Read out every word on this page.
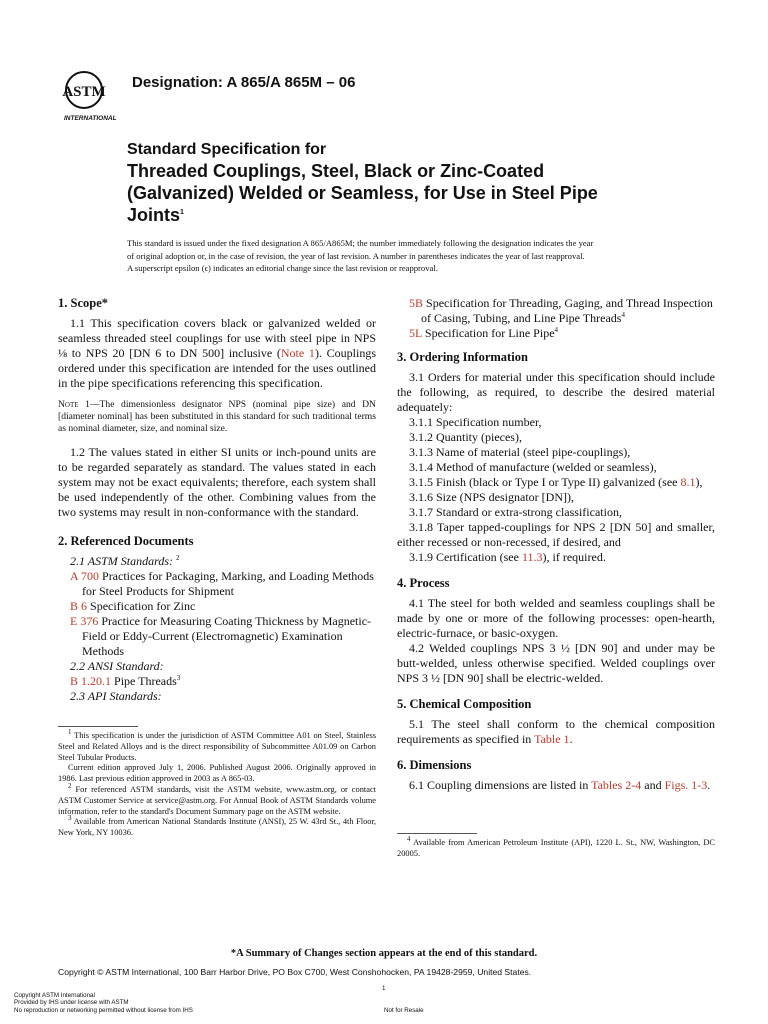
ASTM
INTERNATIONAL
Designation: A 865/A 865M – 06
Standard Specification for
Threaded Couplings, Steel, Black or Zinc-Coated
(Galvanized) Welded or Seamless, for Use in Steel Pipe
Joints$^1$
This standard is issued under the fixed designation A 865/A865M; the number immediately following the designation indicates the year
of original adoption or, in the case of revision, the year of last revision. A number in parentheses indicates the year of last reapproval.
A superscript epsilon (ϵ) indicates an editorial change since the last revision or reapproval.
1. Scope*

1.1 This specification covers black or galvanized welded or seamless threaded steel couplings for use with steel pipe in NPS ⅛ to NPS 20 [DN 6 to DN 500] inclusive (Note 1). Couplings ordered under this specification are intended for the uses outlined in the pipe specifications referencing this specification.

Note 1—The dimensionless designator NPS (nominal pipe size) and DN [diameter nominal] has been substituted in this standard for such traditional terms as nominal diameter, size, and nominal size.

1.2 The values stated in either SI units or inch-pound units are to be regarded separately as standard. The values stated in each system may not be exact equivalents; therefore, each system shall be used independently of the other. Combining values from the two systems may result in non-conformance with the standard.

2. Referenced Documents

2.1 ASTM Standards: $^2$

A 700 Practices for Packaging, Marking, and Loading Methods for Steel Products for Shipment

B 6 Specification for Zinc

E 376 Practice for Measuring Coating Thickness by Magnetic-Field or Eddy-Current (Electromagnetic) Examination Methods

2.2 ANSI Standard:

B 1.20.1 Pipe Threads$^3$

2.3 API Standards:

$^1$ This specification is under the jurisdiction of ASTM Committee A01 on Steel, Stainless Steel and Related Alloys and is the direct responsibility of Subcommittee A01.09 on Carbon Steel Tubular Products.

Current edition approved July 1, 2006. Published August 2006. Originally approved in 1986. Last previous edition approved in 2003 as A 865-03.

$^2$ For referenced ASTM standards, visit the ASTM website, www.astm.org, or contact ASTM Customer Service at service@astm.org. For Annual Book of ASTM Standards volume information, refer to the standard's Document Summary page on the ASTM website.

$^3$ Available from American National Standards Institute (ANSI), 25 W. 43rd St., 4th Floor, New York, NY 10036.

5B Specification for Threading, Gaging, and Thread Inspection of Casing, Tubing, and Line Pipe Threads$^4$

5L Specification for Line Pipe$^4$

3. Ordering Information

3.1 Orders for material under this specification should include the following, as required, to describe the desired material adequately:

3.1.1 Specification number,

3.1.2 Quantity (pieces),

3.1.3 Name of material (steel pipe-couplings),

3.1.4 Method of manufacture (welded or seamless),

3.1.5 Finish (black or Type I or Type II) galvanized (see 8.1),

3.1.6 Size (NPS designator [DN]),

3.1.7 Standard or extra-strong classification,

3.1.8 Taper tapped-couplings for NPS 2 [DN 50] and smaller, either recessed or non-recessed, if desired, and

3.1.9 Certification (see 11.3), if required.

4. Process

4.1 The steel for both welded and seamless couplings shall be made by one or more of the following processes: open-hearth, electric-furnace, or basic-oxygen.

4.2 Welded couplings NPS 3 ½ [DN 90] and under may be butt-welded, unless otherwise specified. Welded couplings over NPS 3 ½ [DN 90] shall be electric-welded.

5. Chemical Composition

5.1 The steel shall conform to the chemical composition requirements as specified in Table 1.

6. Dimensions

6.1 Coupling dimensions are listed in Tables 2-4 and Figs. 1-3.

$^4$ Available from American Petroleum Institute (API), 1220 L. St., NW, Washington, DC 20005.

*A Summary of Changes section appears at the end of this standard.
Copyright © ASTM International, 100 Barr Harbor Drive, PO Box C700, West Conshohocken, PA 19428-2959, United States.
1
Copyright ASTM International
Provided by IHS under license with ASTM
No reproduction or networking permitted without license from IHS	Not for Resale
